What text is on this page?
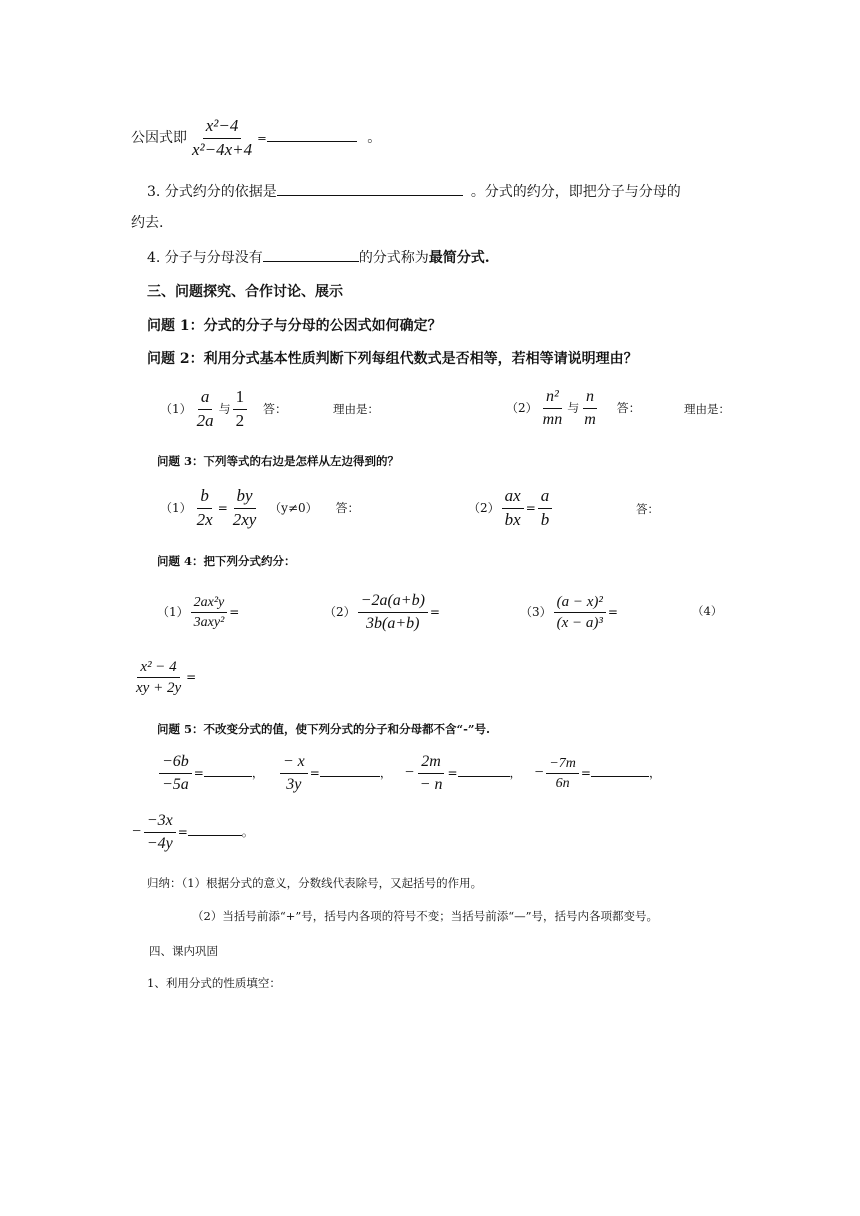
公因式即 $\frac{\text{x²−4}}{\text{x²−4x+4}}$ =	。
3. 分式约分的依据是	。分式的约分，即把分子与分母的
约去.
4. 分子与分母没有	的分式称为最简分式.
三、问题探究、合作讨论、展示
问题 1：分式的分子与分母的公因式如何确定？
问题 2：利用分式基本性质判断下列每组代数式是否相等，若相等请说明理由？
$(1) \frac{a}{2a}$ 与 $\frac{1}{2}$ 答：	理由是：	$(2) \frac{\text{n²}}{mn}$ 与 $\frac{n}{m}$ 答：	理由是：
问题 3：下列等式的右边是怎样从左边得到的？
$(1) \frac{b}{2x} = \frac{by}{2xy} (y\ne 0)$ 答：	$(2) \frac{ax}{bx} = \frac{a}{b}$	答：
问题 4：把下列分式约分：
$(1) \frac{\text{2ax²y}}{\text{3axy²}}$ =	$(2) \frac{-2a(a+b)}{3b(a+b)}$ =	$(3) \frac{\text{(a − x)²}}{\text{(x − a)³}}$ =	（4）
$\frac{\text{x² − 4}}{xy + 2y}$ =
问题 5：不改变分式的值，使下列分式的分子和分母都不含“-”号.
$\frac{-6b}{-5a}$ =	， $\frac{- x}{3y}$ =	， − $\frac{2m}{- n}$ =	， − $\frac{-7m}{6n}$ =	，
− $\frac{-3x}{-4y}$ =	。
归纳：（1）根据分式的意义，分数线代表除号，又起括号的作用。
（2）当括号前添“+”号，括号内各项的符号不变；当括号前添“—”号，括号内各项都变号。
四、课内巩固
1、利用分式的性质填空：
